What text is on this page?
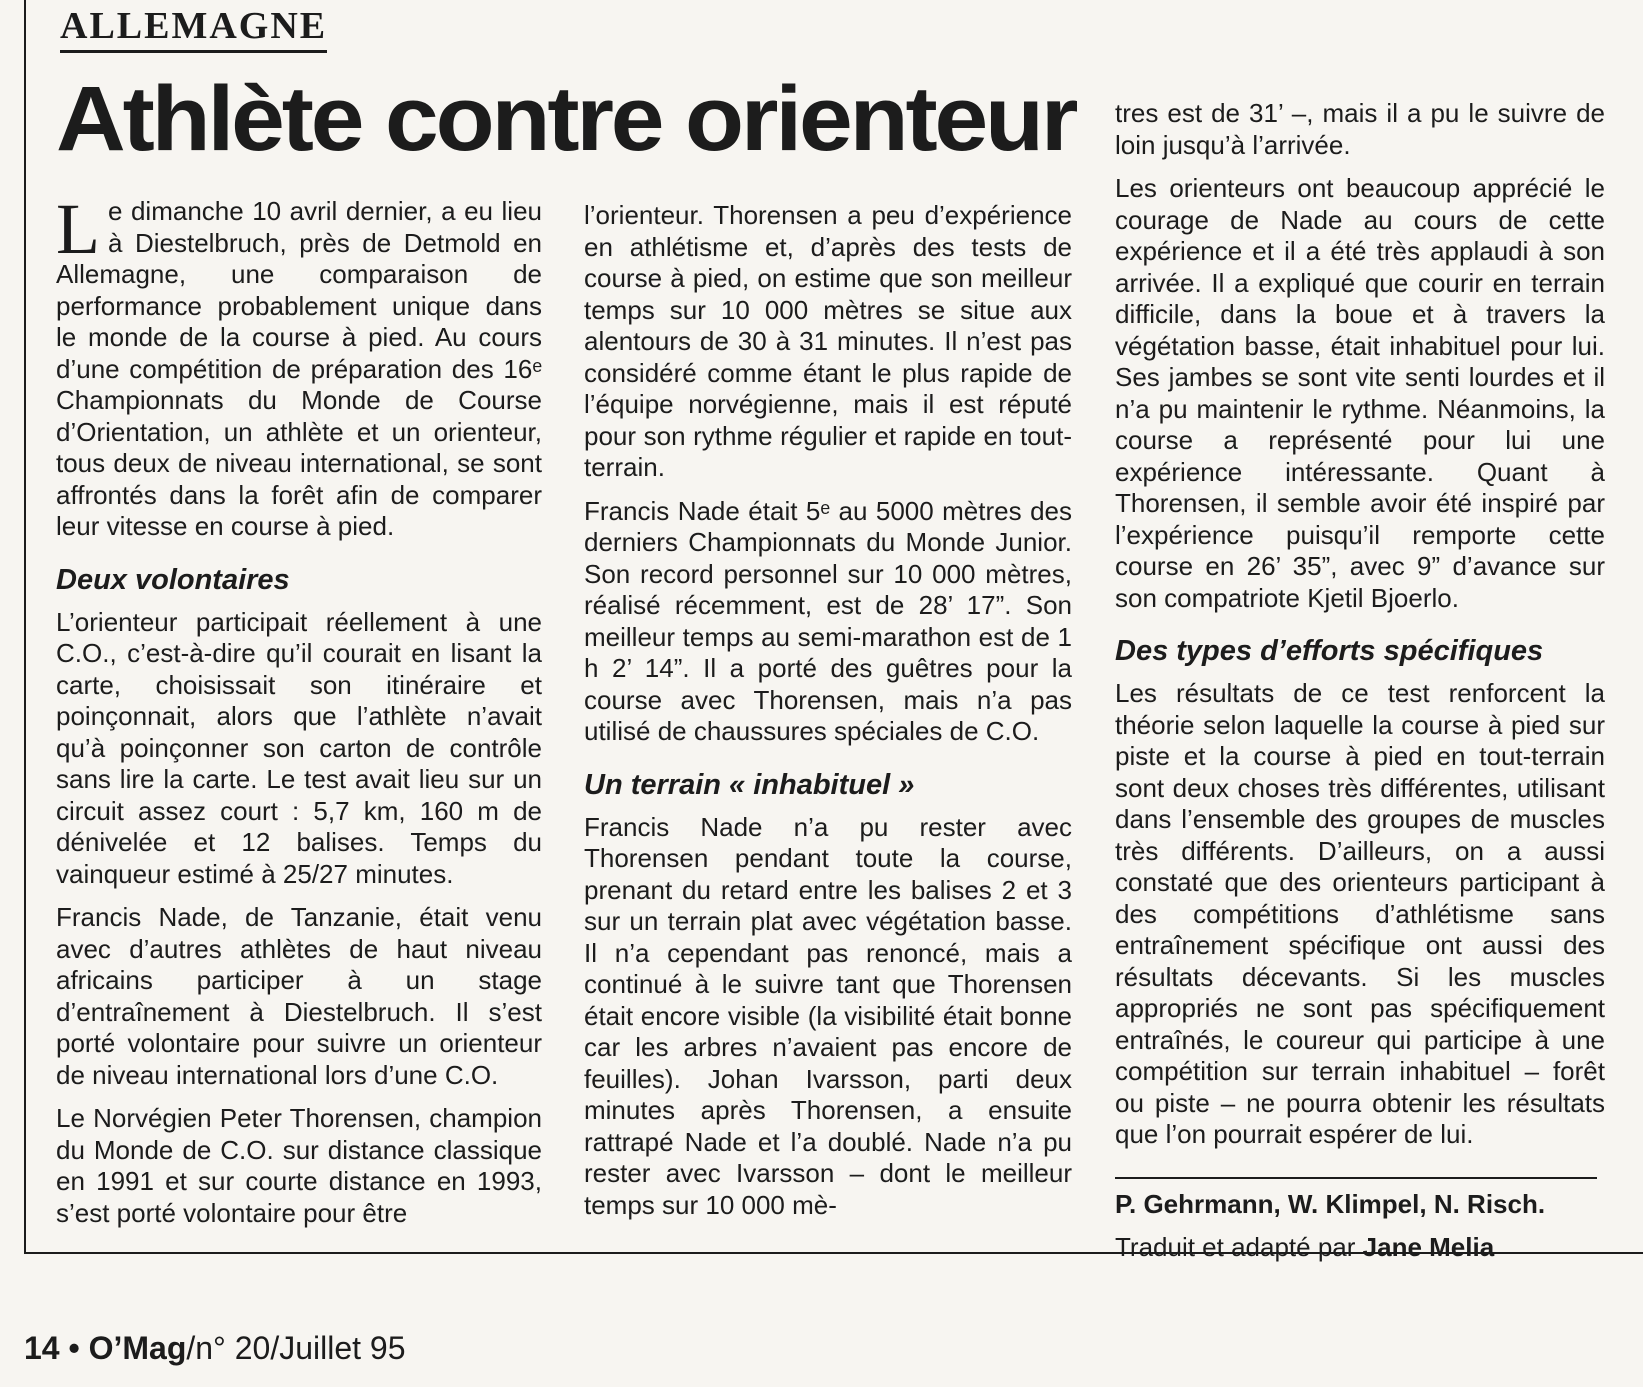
ALLEMAGNE
Athlète contre orienteur

Le dimanche 10 avril dernier, a eu lieu à Diestelbruch, près de Detmold en Allemagne, une comparaison de performance probablement unique dans le monde de la course à pied. Au cours d’une compétition de préparation des 16ᵉ Championnats du Monde de Course d’Orientation, un athlète et un orienteur, tous deux de niveau international, se sont affrontés dans la forêt afin de comparer leur vitesse en course à pied.

Deux volontaires

L’orienteur participait réellement à une C.O., c’est-à-dire qu’il courait en lisant la carte, choisissait son itinéraire et poinçonnait, alors que l’athlète n’avait qu’à poinçonner son carton de contrôle sans lire la carte. Le test avait lieu sur un circuit assez court : 5,7 km, 160 m de dénivelée et 12 balises. Temps du vainqueur estimé à 25/27 minutes.

Francis Nade, de Tanzanie, était venu avec d’autres athlètes de haut niveau africains participer à un stage d’entraînement à Diestelbruch. Il s’est porté volontaire pour suivre un orienteur de niveau international lors d’une C.O.

Le Norvégien Peter Thorensen, champion du Monde de C.O. sur distance classique en 1991 et sur courte distance en 1993, s’est porté volontaire pour être

l’orienteur. Thorensen a peu d’expérience en athlétisme et, d’après des tests de course à pied, on estime que son meilleur temps sur 10 000 mètres se situe aux alentours de 30 à 31 minutes. Il n’est pas considéré comme étant le plus rapide de l’équipe norvégienne, mais il est réputé pour son rythme régulier et rapide en tout-terrain.

Francis Nade était 5ᵉ au 5000 mètres des derniers Championnats du Monde Junior. Son record personnel sur 10 000 mètres, réalisé récemment, est de 28’ 17”. Son meilleur temps au semi-marathon est de 1 h 2’ 14”. Il a porté des guêtres pour la course avec Thorensen, mais n’a pas utilisé de chaussures spéciales de C.O.

Un terrain « inhabituel »

Francis Nade n’a pu rester avec Thorensen pendant toute la course, prenant du retard entre les balises 2 et 3 sur un terrain plat avec végétation basse. Il n’a cependant pas renoncé, mais a continué à le suivre tant que Thorensen était encore visible (la visibilité était bonne car les arbres n’avaient pas encore de feuilles). Johan Ivarsson, parti deux minutes après Thorensen, a ensuite rattrapé Nade et l’a doublé. Nade n’a pu rester avec Ivarsson – dont le meilleur temps sur 10 000 mè-

tres est de 31’ –, mais il a pu le suivre de loin jusqu’à l’arrivée.

Les orienteurs ont beaucoup apprécié le courage de Nade au cours de cette expérience et il a été très applaudi à son arrivée. Il a expliqué que courir en terrain difficile, dans la boue et à travers la végétation basse, était inhabituel pour lui. Ses jambes se sont vite senti lourdes et il n’a pu maintenir le rythme. Néanmoins, la course a représenté pour lui une expérience intéressante. Quant à Thorensen, il semble avoir été inspiré par l’expérience puisqu’il remporte cette course en 26’ 35”, avec 9” d’avance sur son compatriote Kjetil Bjoerlo.

Des types d’efforts spécifiques

Les résultats de ce test renforcent la théorie selon laquelle la course à pied sur piste et la course à pied en tout-terrain sont deux choses très différentes, utilisant dans l’ensemble des groupes de muscles très différents. D’ailleurs, on a aussi constaté que des orienteurs participant à des compétitions d’athlétisme sans entraînement spécifique ont aussi des résultats décevants. Si les muscles appropriés ne sont pas spécifiquement entraînés, le coureur qui participe à une compétition sur terrain inhabituel – forêt ou piste – ne pourra obtenir les résultats que l’on pourrait espérer de lui.

P. Gehrmann, W. Klimpel, N. Risch.

Traduit et adapté par Jane Melia

14 • O’Mag/n° 20/Juillet 95
